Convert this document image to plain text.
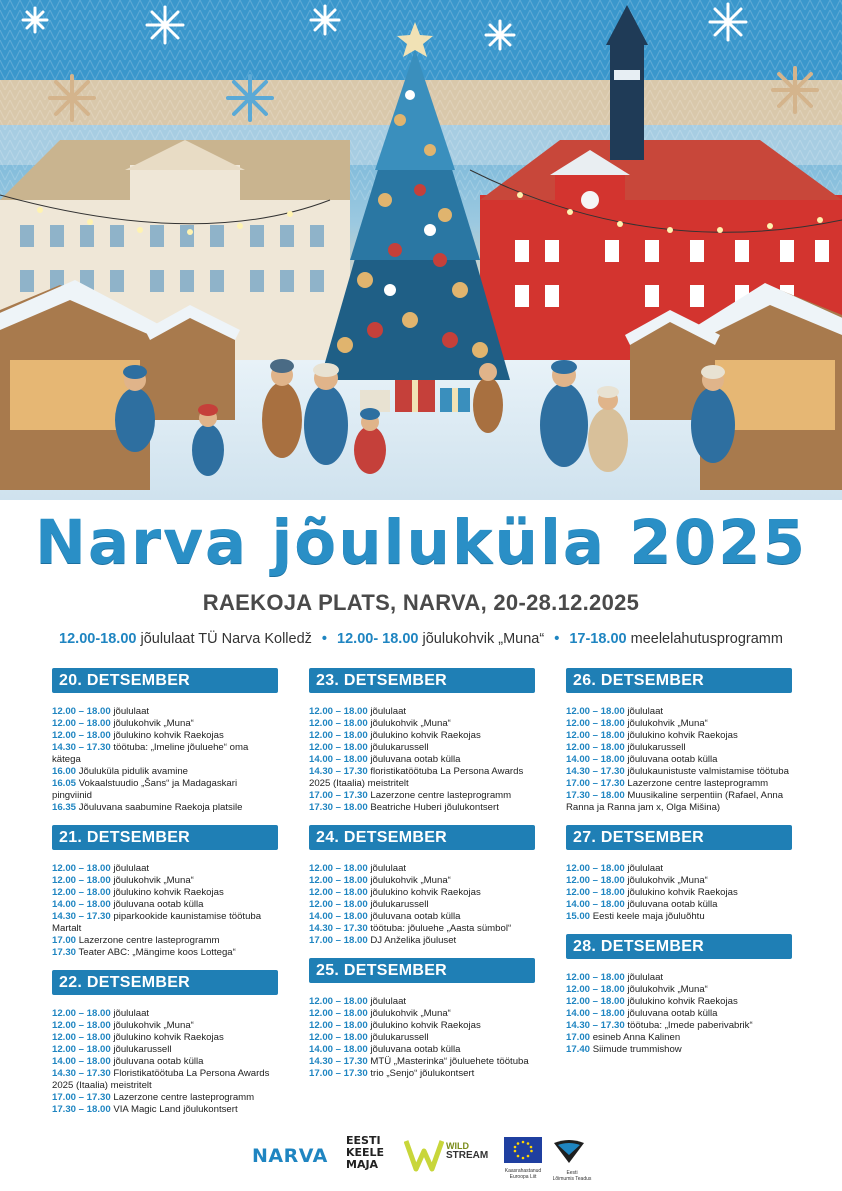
Narva jõuluküla 2025
RAEKOJA PLATS, NARVA, 20-28.12.2025
12.00-18.00 jõululaat TÜ Narva Kolledž • 12.00- 18.00 jõulukohvik „Muna“ • 17-18.00 meelelahutusprogramm
20. DETSEMBER
12.00 – 18.00 jõululaat
12.00 – 18.00 jõulukohvik „Muna“
12.00 – 18.00 jõulukino kohvik Raekojas
14.30 – 17.30 töötuba: „Imeline jõuluehe“ oma kätega
16.00 Jõuluküla pidulik avamine
16.05 Vokaalstuudio „Šans“ ja Madagaskari pingviinid
16.35 Jõuluvana saabumine Raekoja platsile
21. DETSEMBER
12.00 – 18.00 jõululaat
12.00 – 18.00 jõulukohvik „Muna“
12.00 – 18.00 jõulukino kohvik Raekojas
14.00 – 18.00 jõuluvana ootab külla
14.30 – 17.30 piparkookide kaunistamise töötuba Martalt
17.00 Lazerzone centre lasteprogramm
17.30 Teater ABC: „Mängime koos Lottega“
22. DETSEMBER
12.00 – 18.00 jõululaat
12.00 – 18.00 jõulukohvik „Muna“
12.00 – 18.00 jõulukino kohvik Raekojas
12.00 – 18.00 jõulukarussell
14.00 – 18.00 jõuluvana ootab külla
14.30 – 17.30 Floristikatöötuba La Persona Awards 2025 (Itaalia) meistritelt
17.00 – 17.30 Lazerzone centre lasteprogramm
17.30 – 18.00 VIA Magic Land jõulukontsert
23. DETSEMBER
12.00 – 18.00 jõululaat
12.00 – 18.00 jõulukohvik „Muna“
12.00 – 18.00 jõulukino kohvik Raekojas
12.00 – 18.00 jõulukarussell
14.00 – 18.00 jõuluvana ootab külla
14.30 – 17.30 floristikatöötuba La Persona Awards 2025 (Itaalia) meistritelt
17.00 – 17.30 Lazerzone centre lasteprogramm
17.30 – 18.00 Beatriche Huberi jõulukontsert
24. DETSEMBER
12.00 – 18.00 jõululaat
12.00 – 18.00 jõulukohvik „Muna“
12.00 – 18.00 jõulukino kohvik Raekojas
12.00 – 18.00 jõulukarussell
14.00 – 18.00 jõuluvana ootab külla
14.30 – 17.30 töötuba: jõuluehe „Aasta sümbol“
17.00 – 18.00 DJ Anželika jõuluset
25. DETSEMBER
12.00 – 18.00 jõululaat
12.00 – 18.00 jõulukohvik „Muna“
12.00 – 18.00 jõulukino kohvik Raekojas
12.00 – 18.00 jõulukarussell
14.00 – 18.00 jõuluvana ootab külla
14.30 – 17.30 MTÜ „Masterinka“ jõuluehete töötuba
17.00 – 17.30 trio „Senjo“ jõulukontsert
26. DETSEMBER
12.00 – 18.00 jõululaat
12.00 – 18.00 jõulukohvik „Muna“
12.00 – 18.00 jõulukino kohvik Raekojas
12.00 – 18.00 jõulukarussell
14.00 – 18.00 jõuluvana ootab külla
14.30 – 17.30 jõulukaunistuste valmistamise töötuba
17.00 – 17.30 Lazerzone centre lasteprogramm
17.30 – 18.00 Muusikaline serpentiin (Rafael, Anna Ranna ja Ranna jam x, Olga Mišina)
27. DETSEMBER
12.00 – 18.00 jõululaat
12.00 – 18.00 jõulukohvik „Muna“
12.00 – 18.00 jõulukino kohvik Raekojas
14.00 – 18.00 jõuluvana ootab külla
15.00 Eesti keele maja jõuluõhtu
28. DETSEMBER
12.00 – 18.00 jõululaat
12.00 – 18.00 jõulukohvik „Muna“
12.00 – 18.00 jõulukino kohvik Raekojas
14.00 – 18.00 jõuluvana ootab külla
14.30 – 17.30 töötuba: „Imede paberivabrik“
17.00 esineb Anna Kalinen
17.40 Siimude trummishow
NARVA
EESTI
KEELE
MAJA
WILD
STREAM
Kaasrahastanud
Euroopa Liit
Eesti
Lõimumis Teadus
